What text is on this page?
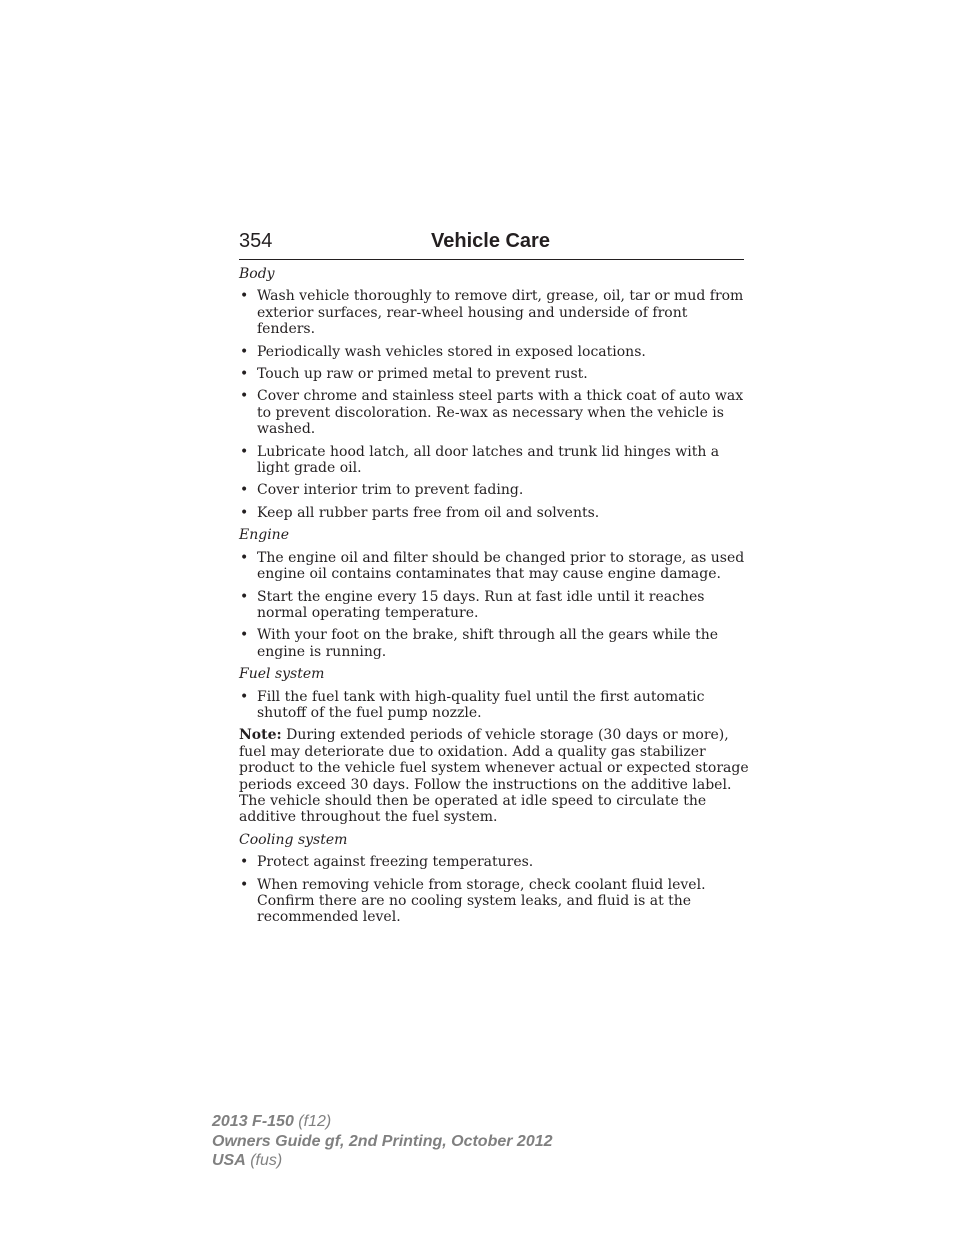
354	Vehicle Care
Body
• Wash vehicle thoroughly to remove dirt, grease, oil, tar or mud from exterior surfaces, rear-wheel housing and underside of front fenders.
• Periodically wash vehicles stored in exposed locations.
• Touch up raw or primed metal to prevent rust.
• Cover chrome and stainless steel parts with a thick coat of auto wax to prevent discoloration. Re-wax as necessary when the vehicle is washed.
• Lubricate hood latch, all door latches and trunk lid hinges with a light grade oil.
• Cover interior trim to prevent fading.
• Keep all rubber parts free from oil and solvents.
Engine
• The engine oil and filter should be changed prior to storage, as used engine oil contains contaminates that may cause engine damage.
• Start the engine every 15 days. Run at fast idle until it reaches normal operating temperature.
• With your foot on the brake, shift through all the gears while the engine is running.
Fuel system
• Fill the fuel tank with high-quality fuel until the first automatic shutoff of the fuel pump nozzle.

Note: During extended periods of vehicle storage (30 days or more), fuel may deteriorate due to oxidation. Add a quality gas stabilizer product to the vehicle fuel system whenever actual or expected storage periods exceed 30 days. Follow the instructions on the additive label. The vehicle should then be operated at idle speed to circulate the additive throughout the fuel system.

Cooling system
• Protect against freezing temperatures.
• When removing vehicle from storage, check coolant fluid level. Confirm there are no cooling system leaks, and fluid is at the recommended level.
2013 F-150 (f12)
Owners Guide gf, 2nd Printing, October 2012
USA (fus)
